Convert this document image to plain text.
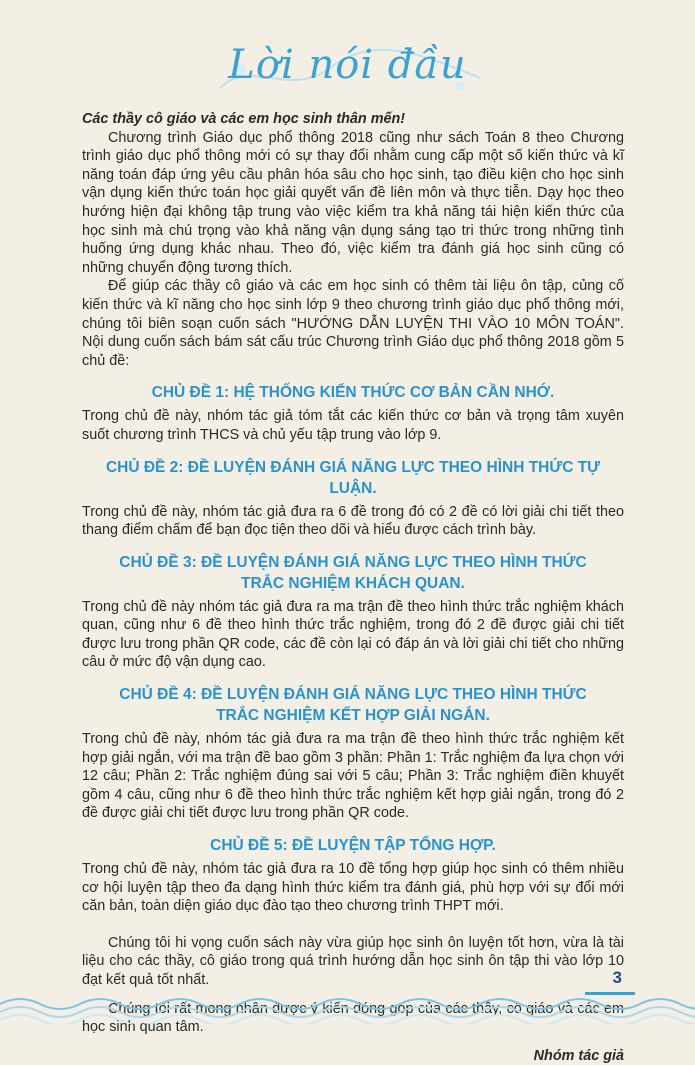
Lời nói đầu

Các thầy cô giáo và các em học sinh thân mến!

Chương trình Giáo dục phổ thông 2018 cũng như sách Toán 8 theo Chương trình giáo dục phổ thông mới có sự thay đổi nhằm cung cấp một số kiến thức và kĩ năng toán đáp ứng yêu cầu phân hóa sâu cho học sinh, tạo điều kiện cho học sinh vận dụng kiến thức toán học giải quyết vấn đề liên môn và thực tiễn. Dạy học theo hướng hiện đại không tập trung vào việc kiểm tra khả năng tái hiện kiến thức của học sinh mà chú trọng vào khả năng vận dụng sáng tạo tri thức trong những tình huống ứng dụng khác nhau. Theo đó, việc kiểm tra đánh giá học sinh cũng có những chuyển động tương thích.

Để giúp các thầy cô giáo và các em học sinh có thêm tài liệu ôn tập, củng cố kiến thức và kĩ năng cho học sinh lớp 9 theo chương trình giáo dục phổ thông mới, chúng tôi biên soạn cuốn sách "HƯỚNG DẪN LUYỆN THI VÀO 10 MÔN TOÁN". Nội dung cuốn sách bám sát cấu trúc Chương trình Giáo dục phổ thông 2018 gồm 5 chủ đề:

CHỦ ĐỀ 1: HỆ THỐNG KIẾN THỨC CƠ BẢN CẦN NHỚ.

Trong chủ đề này, nhóm tác giả tóm tắt các kiến thức cơ bản và trọng tâm xuyên suốt chương trình THCS và chủ yếu tập trung vào lớp 9.

CHỦ ĐỀ 2: ĐỀ LUYỆN ĐÁNH GIÁ NĂNG LỰC THEO HÌNH THỨC TỰ LUẬN.

Trong chủ đề này, nhóm tác giả đưa ra 6 đề trong đó có 2 đề có lời giải chi tiết theo thang điểm chấm để bạn đọc tiện theo dõi và hiểu được cách trình bày.

CHỦ ĐỀ 3: ĐỀ LUYỆN ĐÁNH GIÁ NĂNG LỰC THEO HÌNH THỨC
TRẮC NGHIỆM KHÁCH QUAN.

Trong chủ đề này nhóm tác giả đưa ra ma trận đề theo hình thức trắc nghiệm khách quan, cũng như 6 đề theo hình thức trắc nghiệm, trong đó 2 đề được giải chi tiết được lưu trong phần QR code, các đề còn lại có đáp án và lời giải chi tiết cho những câu ở mức độ vận dụng cao.

CHỦ ĐỀ 4: ĐỀ LUYỆN ĐÁNH GIÁ NĂNG LỰC THEO HÌNH THỨC
TRẮC NGHIỆM KẾT HỢP GIẢI NGẮN.

Trong chủ đề này, nhóm tác giả đưa ra ma trận đề theo hình thức trắc nghiệm kết hợp giải ngắn, với ma trận đề bao gồm 3 phần: Phần 1: Trắc nghiệm đa lựa chọn với 12 câu; Phần 2: Trắc nghiệm đúng sai với 5 câu; Phần 3: Trắc nghiệm điền khuyết gồm 4 câu, cũng như 6 đề theo hình thức trắc nghiệm kết hợp giải ngắn, trong đó 2 đề được giải chi tiết được lưu trong phần QR code.

CHỦ ĐỀ 5: ĐỀ LUYỆN TẬP TỔNG HỢP.

Trong chủ đề này, nhóm tác giả đưa ra 10 đề tổng hợp giúp học sinh có thêm nhiều cơ hội luyện tập theo đa dạng hình thức kiểm tra đánh giá, phù hợp với sự đổi mới căn bản, toàn diện giáo dục đào tạo theo chương trình THPT mới.

Chúng tôi hi vọng cuốn sách này vừa giúp học sinh ôn luyện tốt hơn, vừa là tài liệu cho các thầy, cô giáo trong quá trình hướng dẫn học sinh ôn tập thi vào lớp 10 đạt kết quả tốt nhất.

Chúng tôi rất mong nhận được ý kiến đóng góp của các thầy, cô giáo và các em học sinh quan tâm.

Nhóm tác giả
3
